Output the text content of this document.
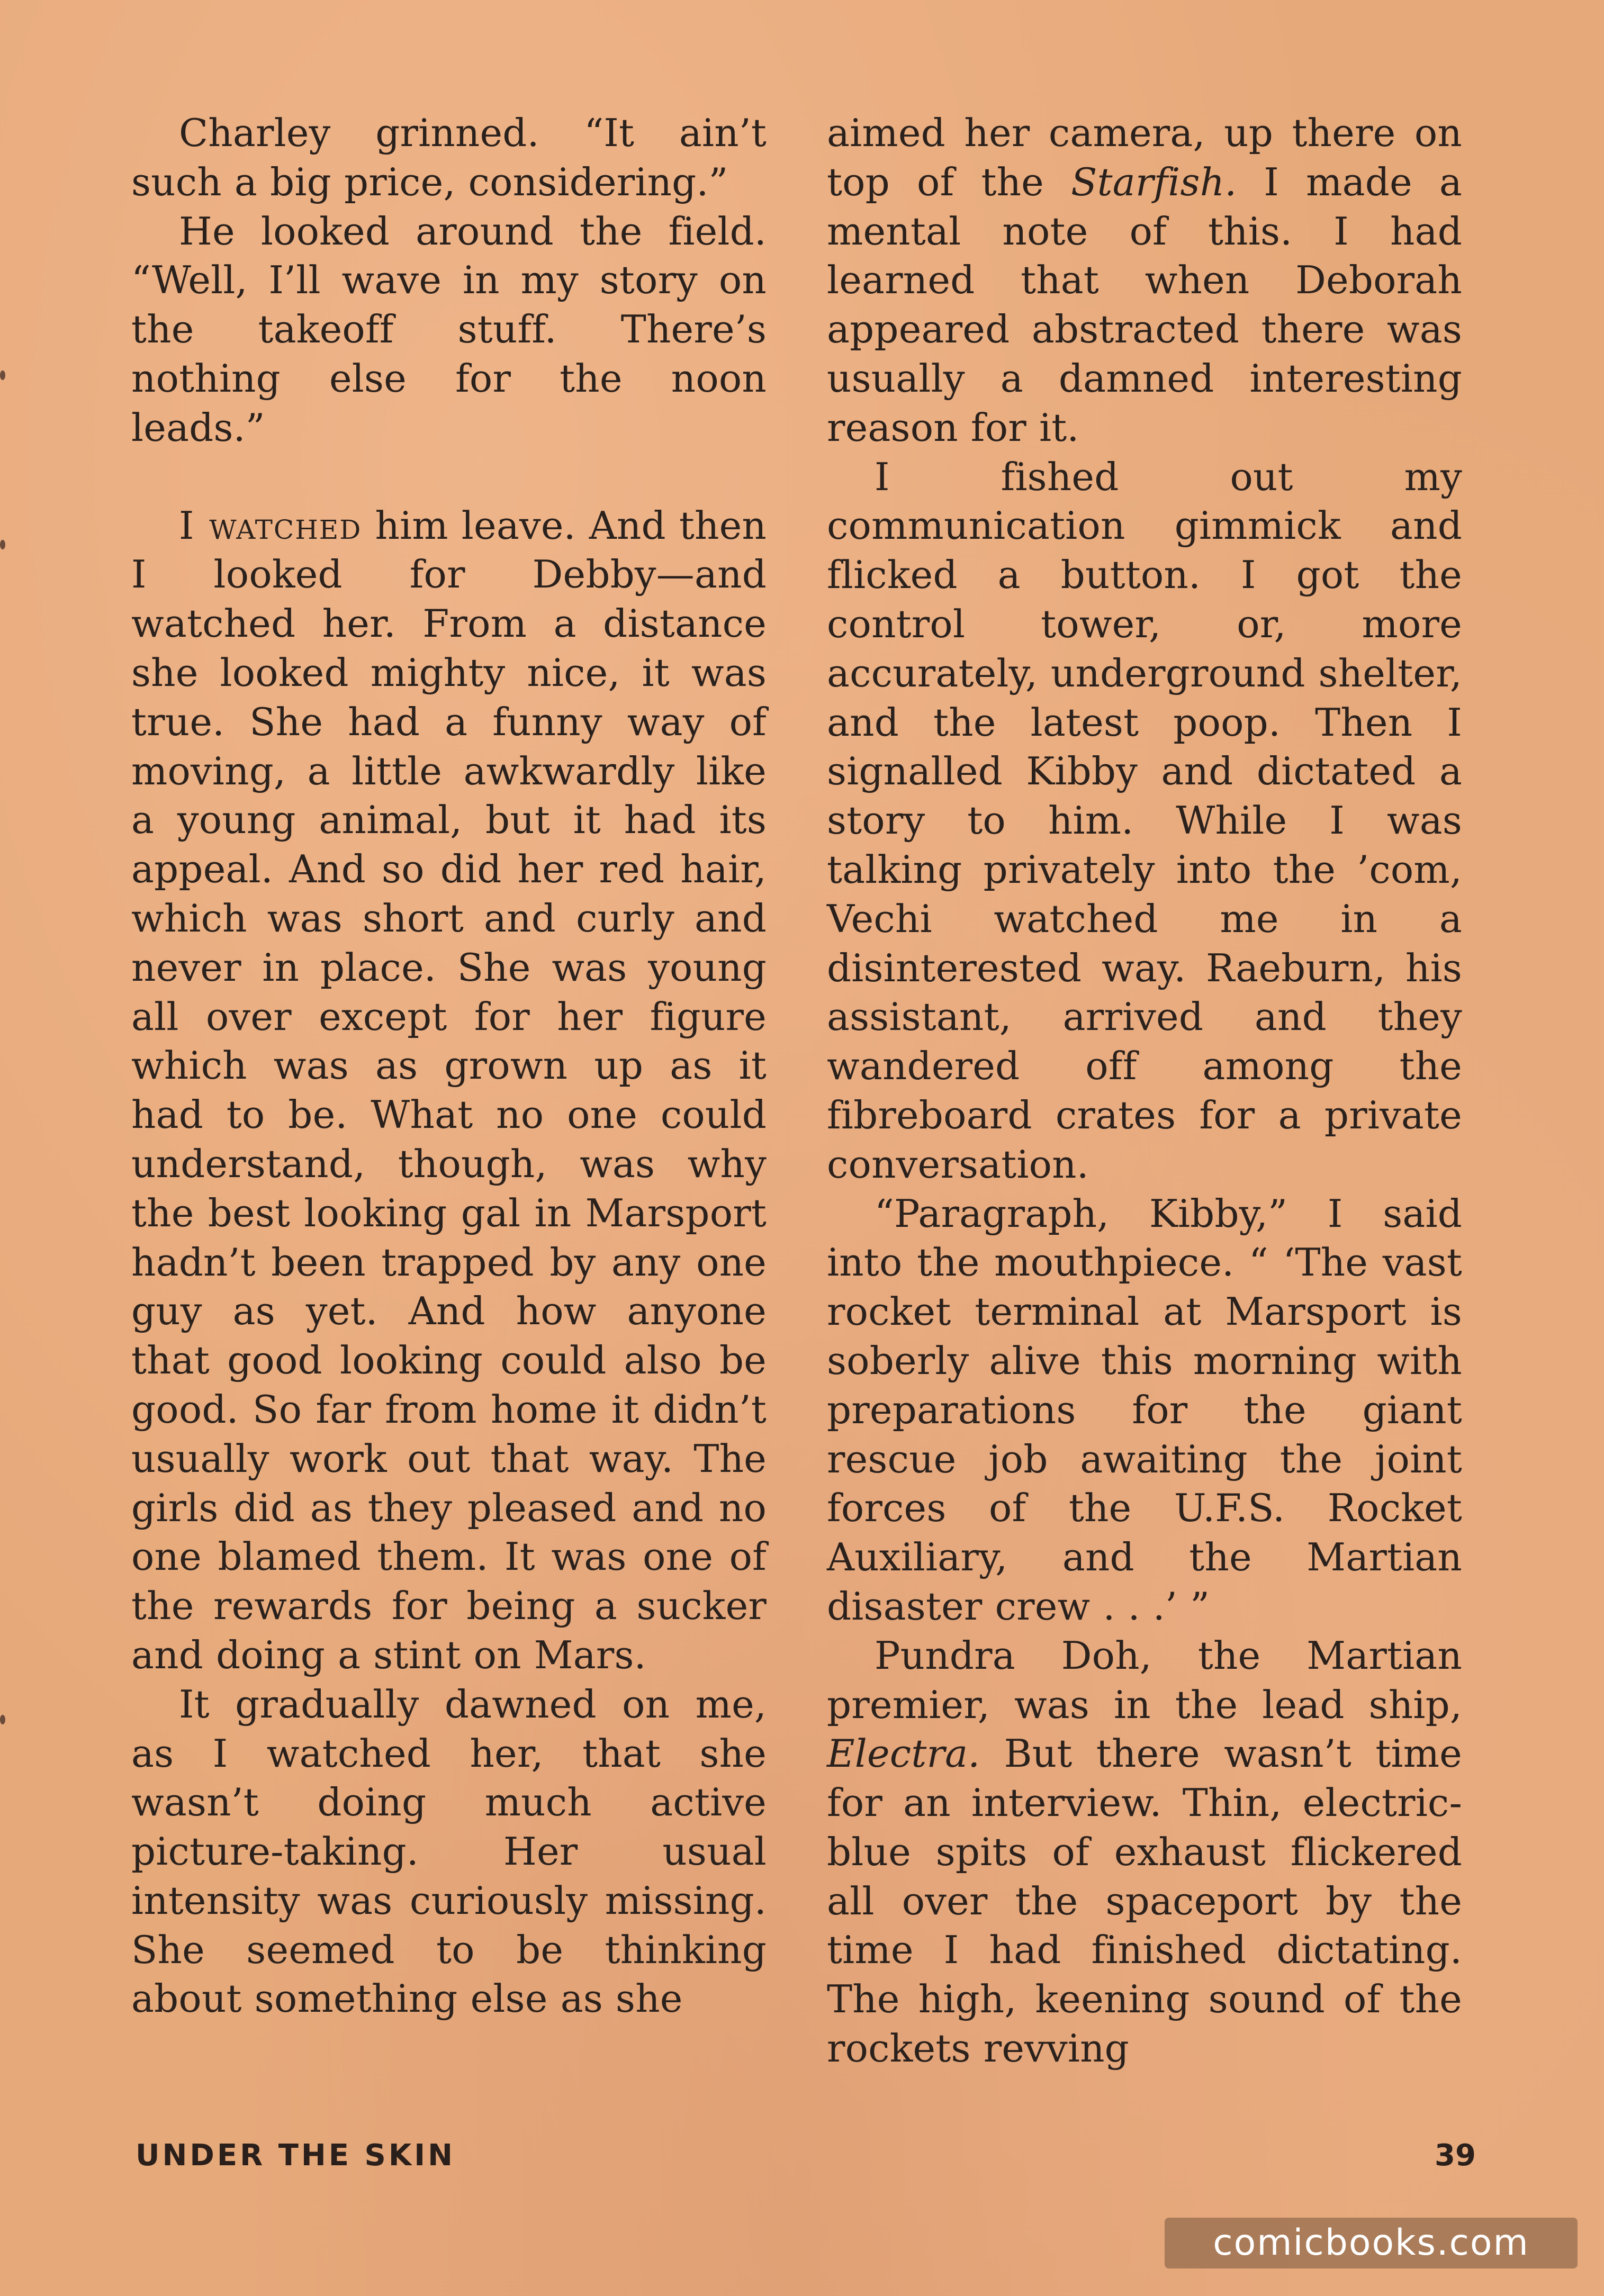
Charley grinned. “It ain’t such a big price, considering.”

He looked around the field. “Well, I’ll wave in my story on the takeoff stuff. There’s nothing else for the noon leads.”

I watched him leave. And then I looked for Debby—and watched her. From a distance she looked mighty nice, it was true. She had a funny way of moving, a little awkwardly like a young animal, but it had its appeal. And so did her red hair, which was short and curly and never in place. She was young all over except for her figure which was as grown up as it had to be. What no one could understand, though, was why the best looking gal in Marsport hadn’t been trapped by any one guy as yet. And how anyone that good looking could also be good. So far from home it didn’t usually work out that way. The girls did as they pleased and no one blamed them. It was one of the rewards for being a sucker and doing a stint on Mars.

It gradually dawned on me, as I watched her, that she wasn’t doing much active picture-taking. Her usual intensity was curiously missing. She seemed to be thinking about something else as she

aimed her camera, up there on top of the Starfish. I made a mental note of this. I had learned that when Deborah appeared abstracted there was usually a damned interesting reason for it.

I fished out my communication gimmick and flicked a button. I got the control tower, or, more accurately, underground shelter, and the latest poop. Then I signalled Kibby and dictated a story to him. While I was talking privately into the ’com, Vechi watched me in a disinterested way. Raeburn, his assistant, arrived and they wandered off among the fibreboard crates for a private conversation.

“Paragraph, Kibby,” I said into the mouthpiece. “ ‘The vast rocket terminal at Marsport is soberly alive this morning with preparations for the giant rescue job awaiting the joint forces of the U.F.S. Rocket Auxiliary, and the Martian disaster crew . . .’ ”

Pundra Doh, the Martian premier, was in the lead ship, Electra. But there wasn’t time for an interview. Thin, electric-blue spits of exhaust flickered all over the spaceport by the time I had finished dictating. The high, keening sound of the rockets revving

UNDER THE SKIN	39
comicbooks.com
